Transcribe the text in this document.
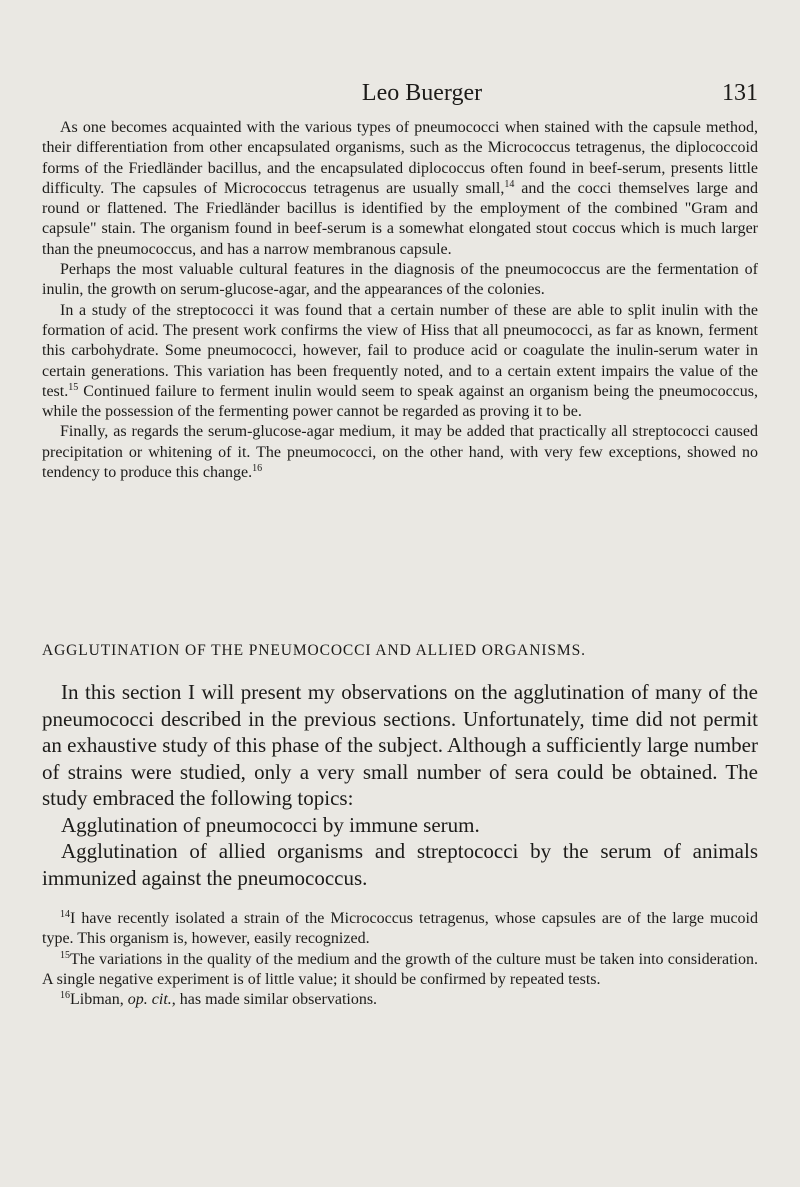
Leo Buerger	131

As one becomes acquainted with the various types of pneumococci when stained with the capsule method, their differentiation from other encapsulated organisms, such as the Micrococcus tetragenus, the diplococcoid forms of the Friedländer bacillus, and the encapsulated diplococcus often found in beef-serum, presents little difficulty. The capsules of Micrococcus tetragenus are usually small,$^{14}$ and the cocci themselves large and round or flattened. The Friedländer bacillus is identified by the employment of the combined "Gram and capsule" stain. The organism found in beef-serum is a somewhat elongated stout coccus which is much larger than the pneumococcus, and has a narrow membranous capsule.

Perhaps the most valuable cultural features in the diagnosis of the pneumococcus are the fermentation of inulin, the growth on serum-glucose-agar, and the appearances of the colonies.

In a study of the streptococci it was found that a certain number of these are able to split inulin with the formation of acid. The present work confirms the view of Hiss that all pneumococci, as far as known, ferment this carbohydrate. Some pneumococci, however, fail to produce acid or coagulate the inulin-serum water in certain generations. This variation has been frequently noted, and to a certain extent impairs the value of the test.$^{15}$ Continued failure to ferment inulin would seem to speak against an organism being the pneumococcus, while the possession of the fermenting power cannot be regarded as proving it to be.

Finally, as regards the serum-glucose-agar medium, it may be added that practically all streptococci caused precipitation or whitening of it. The pneumococci, on the other hand, with very few exceptions, showed no tendency to produce this change.$^{16}$

AGGLUTINATION OF THE PNEUMOCOCCI AND ALLIED ORGANISMS.

In this section I will present my observations on the agglutination of many of the pneumococci described in the previous sections. Unfortunately, time did not permit an exhaustive study of this phase of the subject. Although a sufficiently large number of strains were studied, only a very small number of sera could be obtained. The study embraced the following topics:

Agglutination of pneumococci by immune serum.

Agglutination of allied organisms and streptococci by the serum of animals immunized against the pneumococcus.

$^{14}$I have recently isolated a strain of the Micrococcus tetragenus, whose capsules are of the large mucoid type. This organism is, however, easily recognized.

$^{15}$The variations in the quality of the medium and the growth of the culture must be taken into consideration. A single negative experiment is of little value; it should be confirmed by repeated tests.

$^{16}$Libman, op. cit., has made similar observations.
